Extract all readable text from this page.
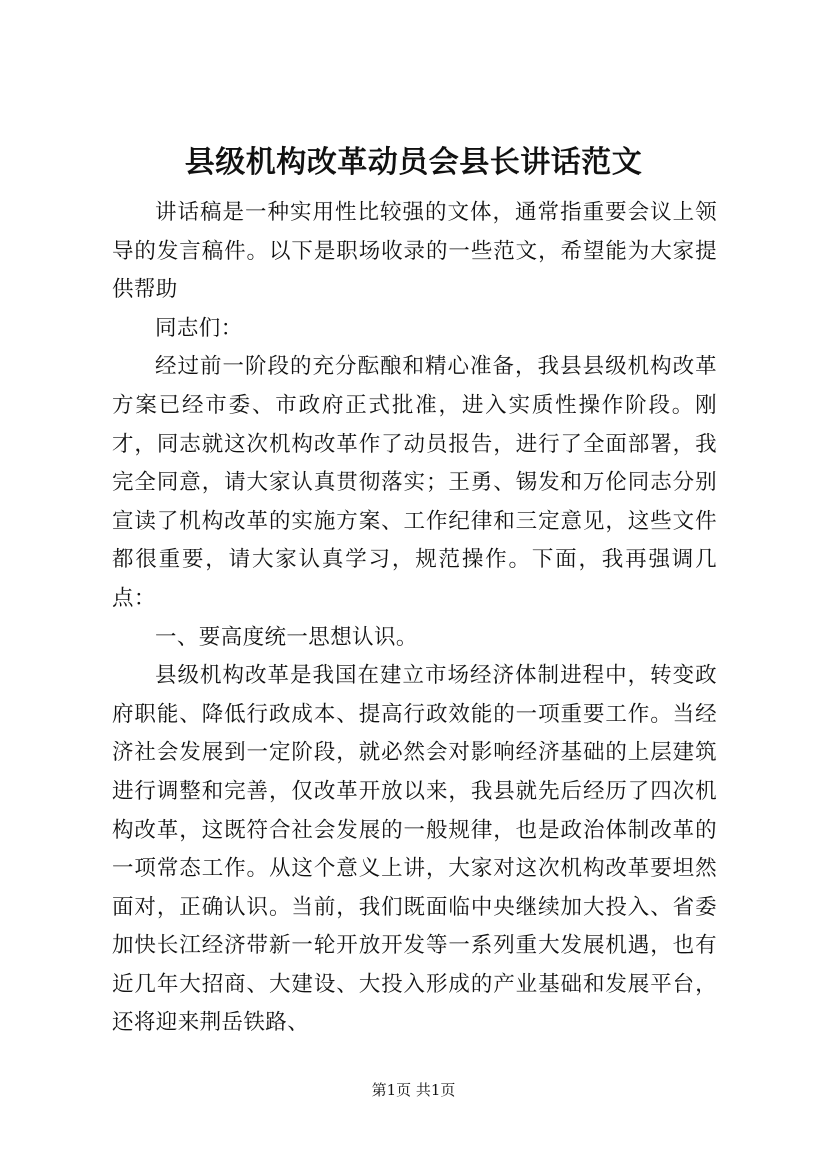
县级机构改革动员会县长讲话范文

讲话稿是一种实用性比较强的文体，通常指重要会议上领导的发言稿件。以下是职场收录的一些范文，希望能为大家提供帮助

同志们：

经过前一阶段的充分酝酿和精心准备，我县县级机构改革方案已经市委、市政府正式批准，进入实质性操作阶段。刚才，同志就这次机构改革作了动员报告，进行了全面部署，我完全同意，请大家认真贯彻落实；王勇、锡发和万伦同志分别宣读了机构改革的实施方案、工作纪律和三定意见，这些文件都很重要，请大家认真学习，规范操作。下面，我再强调几点：

一、要高度统一思想认识。

县级机构改革是我国在建立市场经济体制进程中，转变政府职能、降低行政成本、提高行政效能的一项重要工作。当经济社会发展到一定阶段，就必然会对影响经济基础的上层建筑进行调整和完善，仅改革开放以来，我县就先后经历了四次机构改革，这既符合社会发展的一般规律，也是政治体制改革的一项常态工作。从这个意义上讲，大家对这次机构改革要坦然面对，正确认识。当前，我们既面临中央继续加大投入、省委加快长江经济带新一轮开放开发等一系列重大发展机遇，也有近几年大招商、大建设、大投入形成的产业基础和发展平台，还将迎来荆岳铁路、

第1页 共1页
